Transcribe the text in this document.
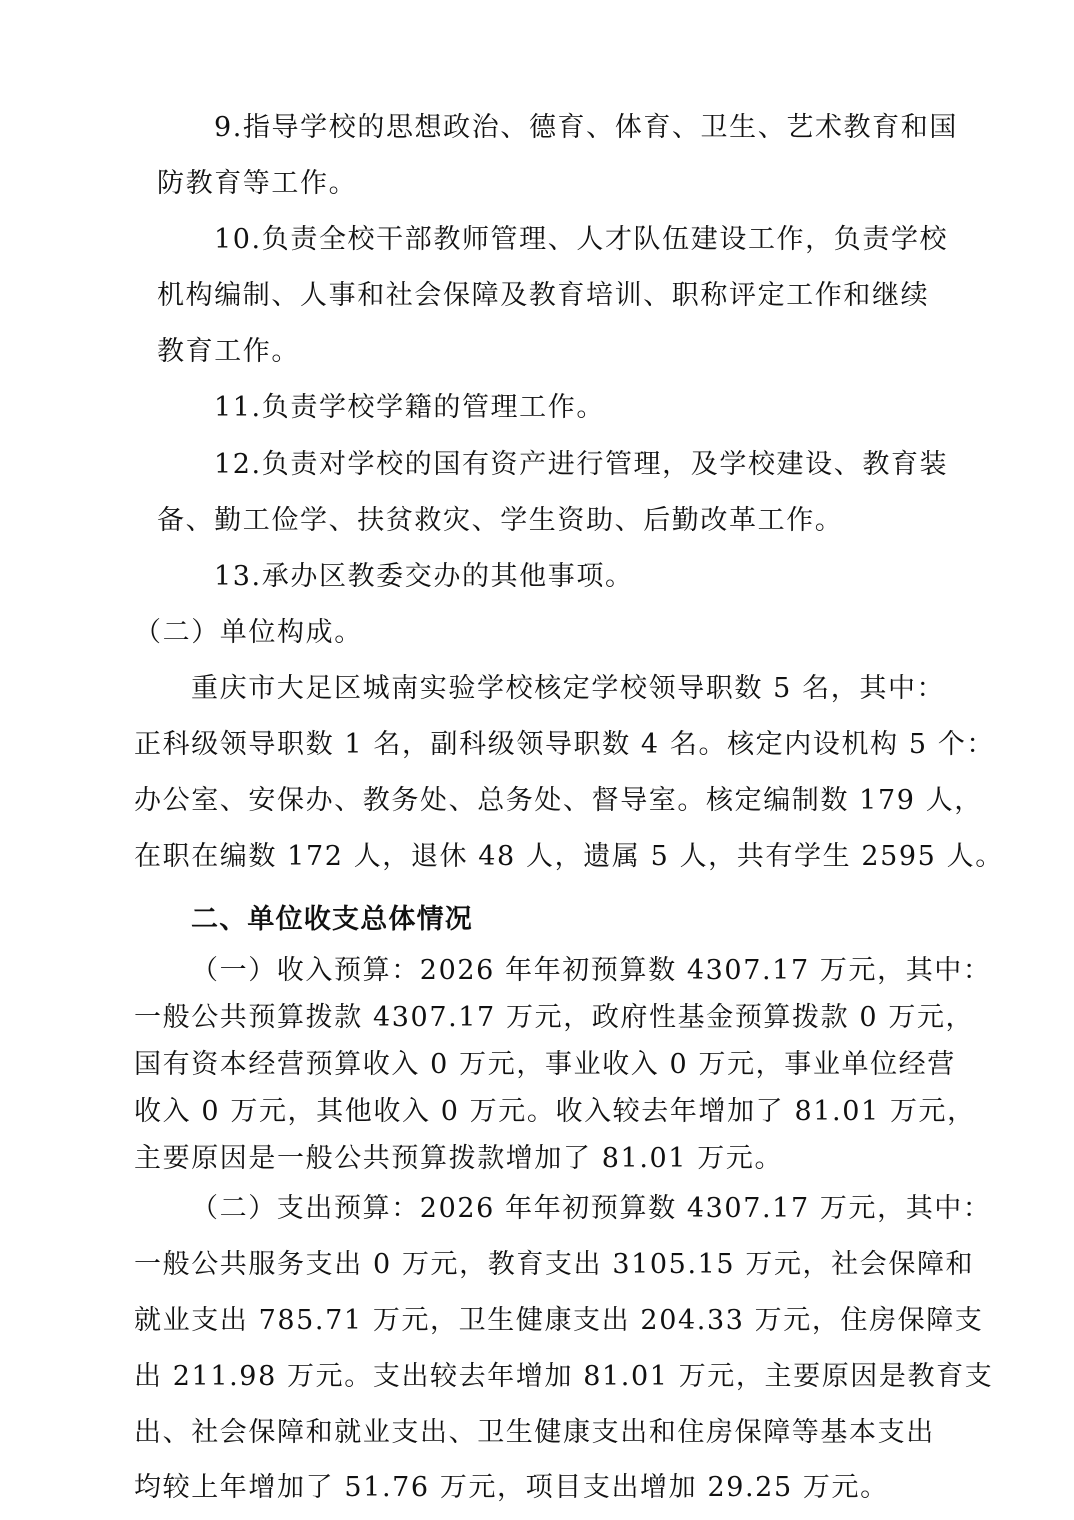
9.指导学校的思想政治、德育、体育、卫生、艺术教育和国
防教育等工作。
10.负责全校干部教师管理、人才队伍建设工作，负责学校
机构编制、人事和社会保障及教育培训、职称评定工作和继续
教育工作。
11.负责学校学籍的管理工作。
12.负责对学校的国有资产进行管理，及学校建设、教育装
备、勤工俭学、扶贫救灾、学生资助、后勤改革工作。
13.承办区教委交办的其他事项。
（二）单位构成。
重庆市大足区城南实验学校核定学校领导职数 5 名，其中：
正科级领导职数 1 名，副科级领导职数 4 名。核定内设机构 5 个：
办公室、安保办、教务处、总务处、督导室。核定编制数 179 人，
在职在编数 172 人，退休 48 人，遗属 5 人，共有学生 2595 人。
二、单位收支总体情况
（一）收入预算：2026 年年初预算数 4307.17 万元，其中：
一般公共预算拨款 4307.17 万元，政府性基金预算拨款 0 万元，
国有资本经营预算收入 0 万元，事业收入 0 万元，事业单位经营
收入 0 万元，其他收入 0 万元。收入较去年增加了 81.01 万元，
主要原因是一般公共预算拨款增加了 81.01 万元。
（二）支出预算：2026 年年初预算数 4307.17 万元，其中：
一般公共服务支出 0 万元，教育支出 3105.15 万元，社会保障和
就业支出 785.71 万元，卫生健康支出 204.33 万元，住房保障支
出 211.98 万元。支出较去年增加 81.01 万元，主要原因是教育支
出、社会保障和就业支出、卫生健康支出和住房保障等基本支出
均较上年增加了 51.76 万元，项目支出增加 29.25 万元。
